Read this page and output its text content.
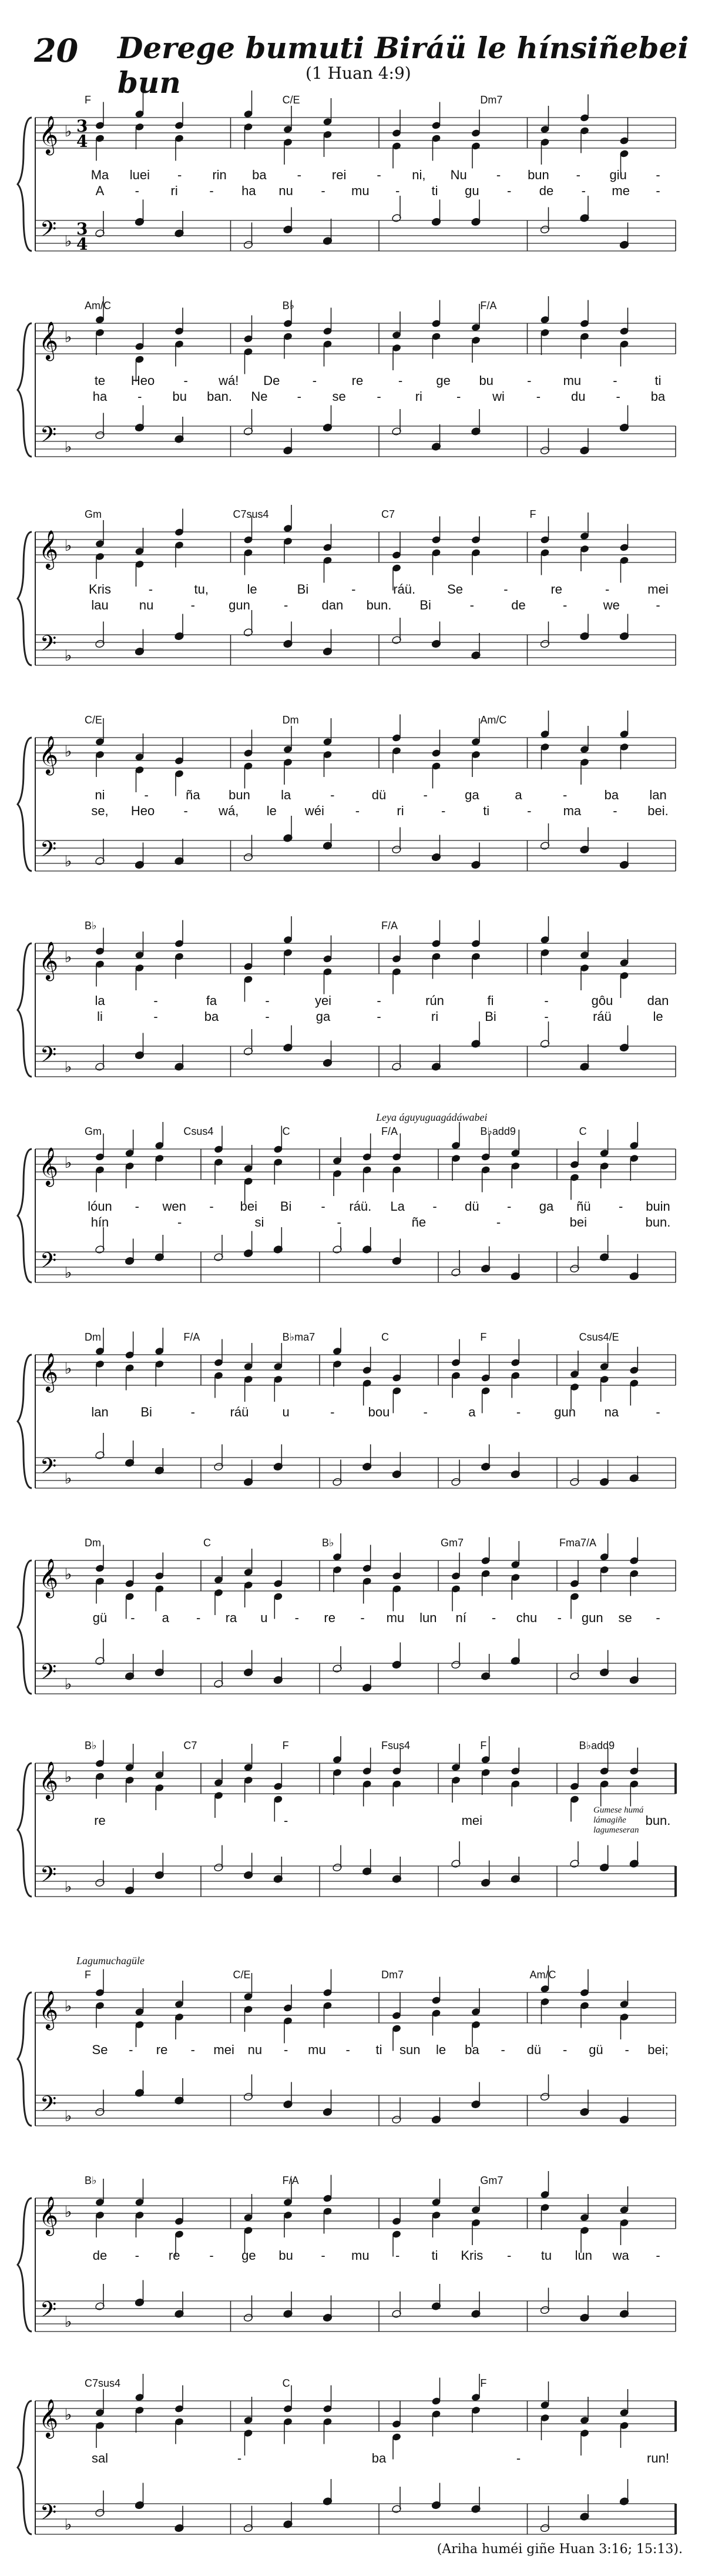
20 Derege bumuti Biráü le hínsiñebei bun	(1 Huan 4:9)
𝄞
𝄢
♭
♭
3
3
4
4
F	C/E	Dm7
Ma luei - rin ba - rei - ni, Nu - bun - giu -
A - ri - ha nu - mu - ti gu - de - me -
𝄞
𝄢
♭
♭
Am/C	B♭	F/A
te Heo - wá! De	-	re	-	ge bu	- mu -	ti
ha - bu ban. Ne - se -	ri	- wi - du - ba
𝄞
𝄢
♭
♭
Gm	C7sus4	C7	F
Kris	-	tu,	le	Bi	-	ráü. Se	-	re	-	mei
lau nu	-	gun	-	dan bun. Bi	-	de	-	we	-
𝄞
𝄢
♭
♭
C/E	Dm	Am/C
ni	-	ña bun la	-	dü	-	ga	a	-	ba lan
se, Heo - wá, le wéi -	ri	-	ti	- ma - bei.
𝄞
𝄢
♭
♭
B♭	F/A
la	-	fa	-	yei	-	rún	fi	-	gôu	dan
li	-	ba	-	ga	-	ri	Bi	-	ráü	le
𝄞
𝄢
♭
♭
Gm	Csus4	C	F/A	B♭add9	C
Leya águyuguagádáwabei
lóun - wen - bei Bi - ráü. La - dü - ga ñü - buin
hín	-	si	-	ñe	-	bei	bun.
𝄞
𝄢
♭
♭
Dm	F/A	B♭ma7	C	F	Csus4/E
lan Bi	-	ráü	u	-	bou	-	a	-	gun na	-
𝄞
𝄢
♭
♭
Dm	C	B♭	Gm7	Fma7/A
gü - a - ra u - re - mu lun ní - chu - gun se -
𝄞
𝄢
♭
♭
B♭	C7	F	Fsus4	F	B♭add9
re	-	mei	bun.
Gumese humá
lámagiñe
lagumeseran
𝄞
𝄢
♭
♭
F	C/E	Dm7	Am/C
Lagumuchagüle
Se - re - mei nu - mu - ti sun le ba - dü - gü - bei;
𝄞
𝄢
♭
♭
B♭	F/A	Gm7
de - re - ge bu - mu - ti Kris - tu lun wa -
𝄞
𝄢
♭
♭
C7sus4	C	F
sal	-	ba	-	run!
(Ariha huméi giñe Huan 3:16; 15:13).
